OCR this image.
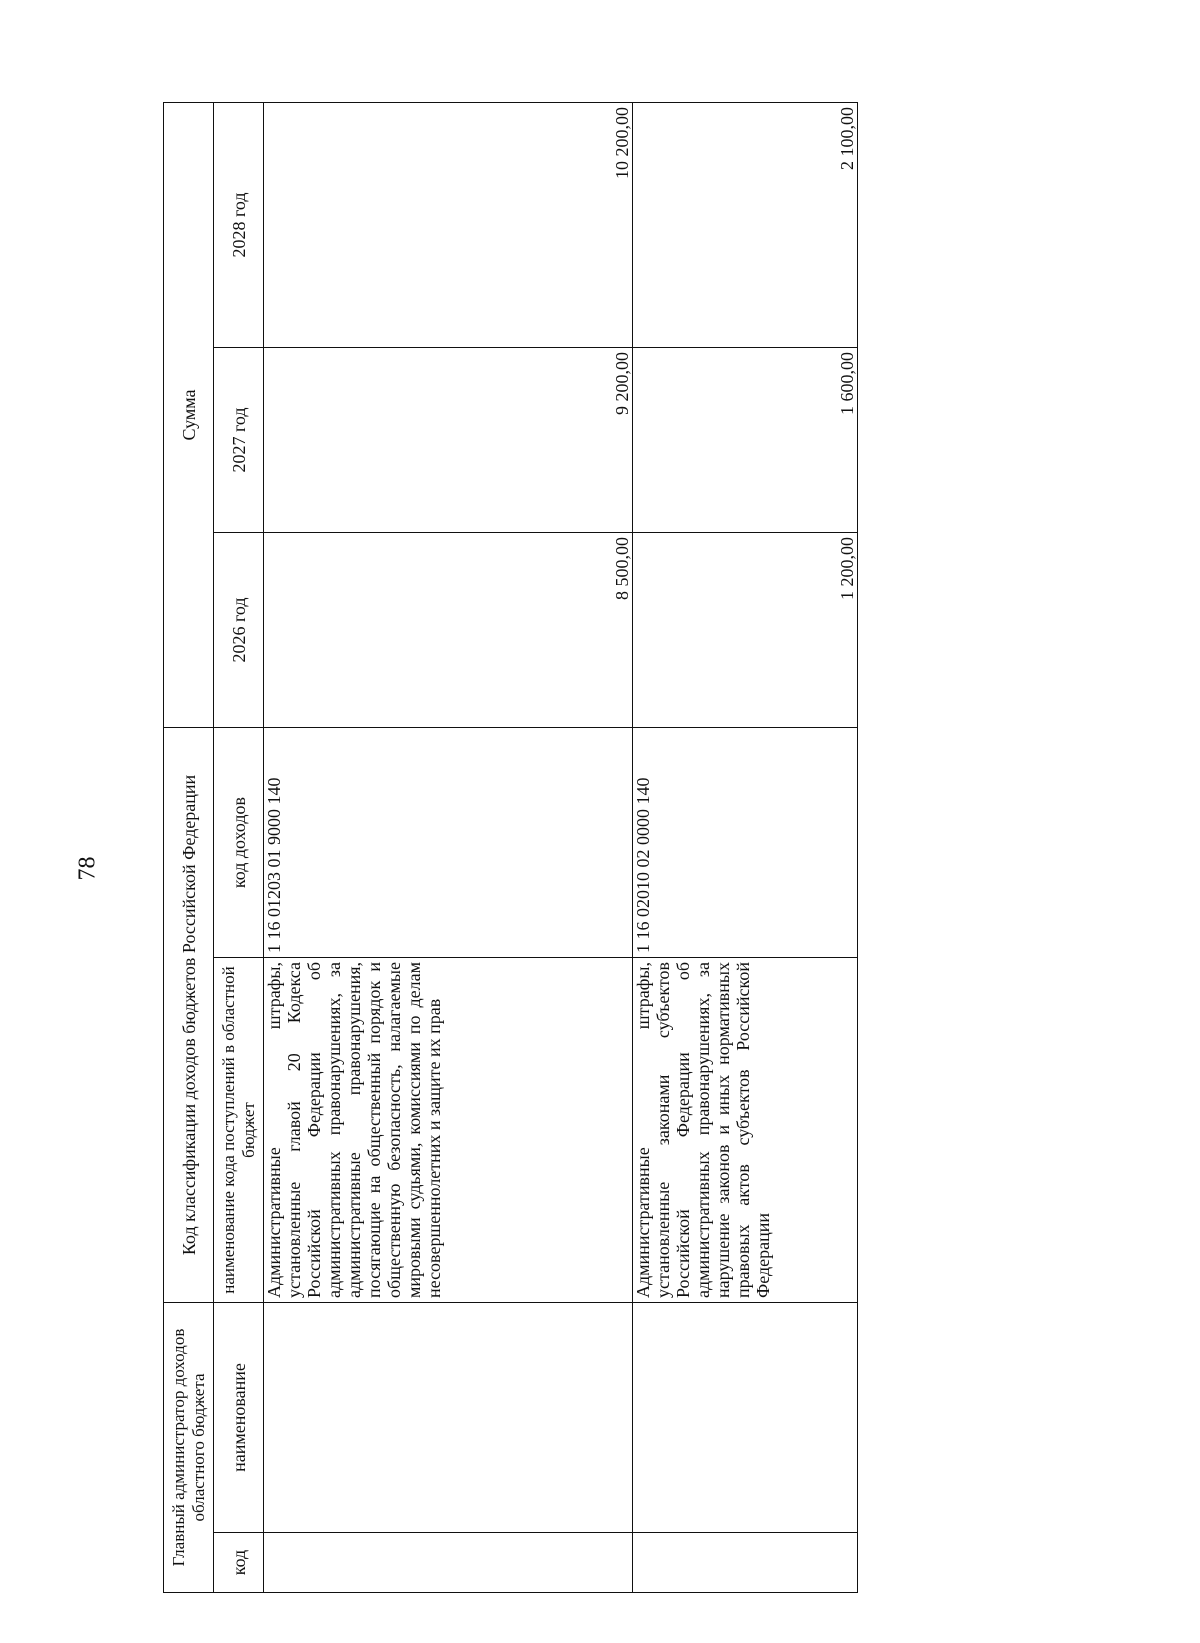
78
Главный администратор доходов областного бюджета		Код классификации доходов бюджетов Российской Федерации		Сумма		
код	наименование	наименование кода поступлений в областной бюджет	код доходов	2026 год	2027 год	2028 год
		Административные штрафы, установленные главой 20 Кодекса Российской Федерации об административных правонарушениях, за административные правонарушения, посягающие на общественный порядок и общественную безопасность, налагаемые мировыми судьями, комиссиями по делам несовершеннолетних и защите их прав	1 16 01203 01 9000 140	8 500,00	9 200,00	10 200,00
		Административные штрафы, установленные законами субъектов Российской Федерации об административных правонарушениях, за нарушение законов и иных нормативных правовых актов субъектов Российской Федерации	1 16 02010 02 0000 140	1 200,00	1 600,00	2 100,00
